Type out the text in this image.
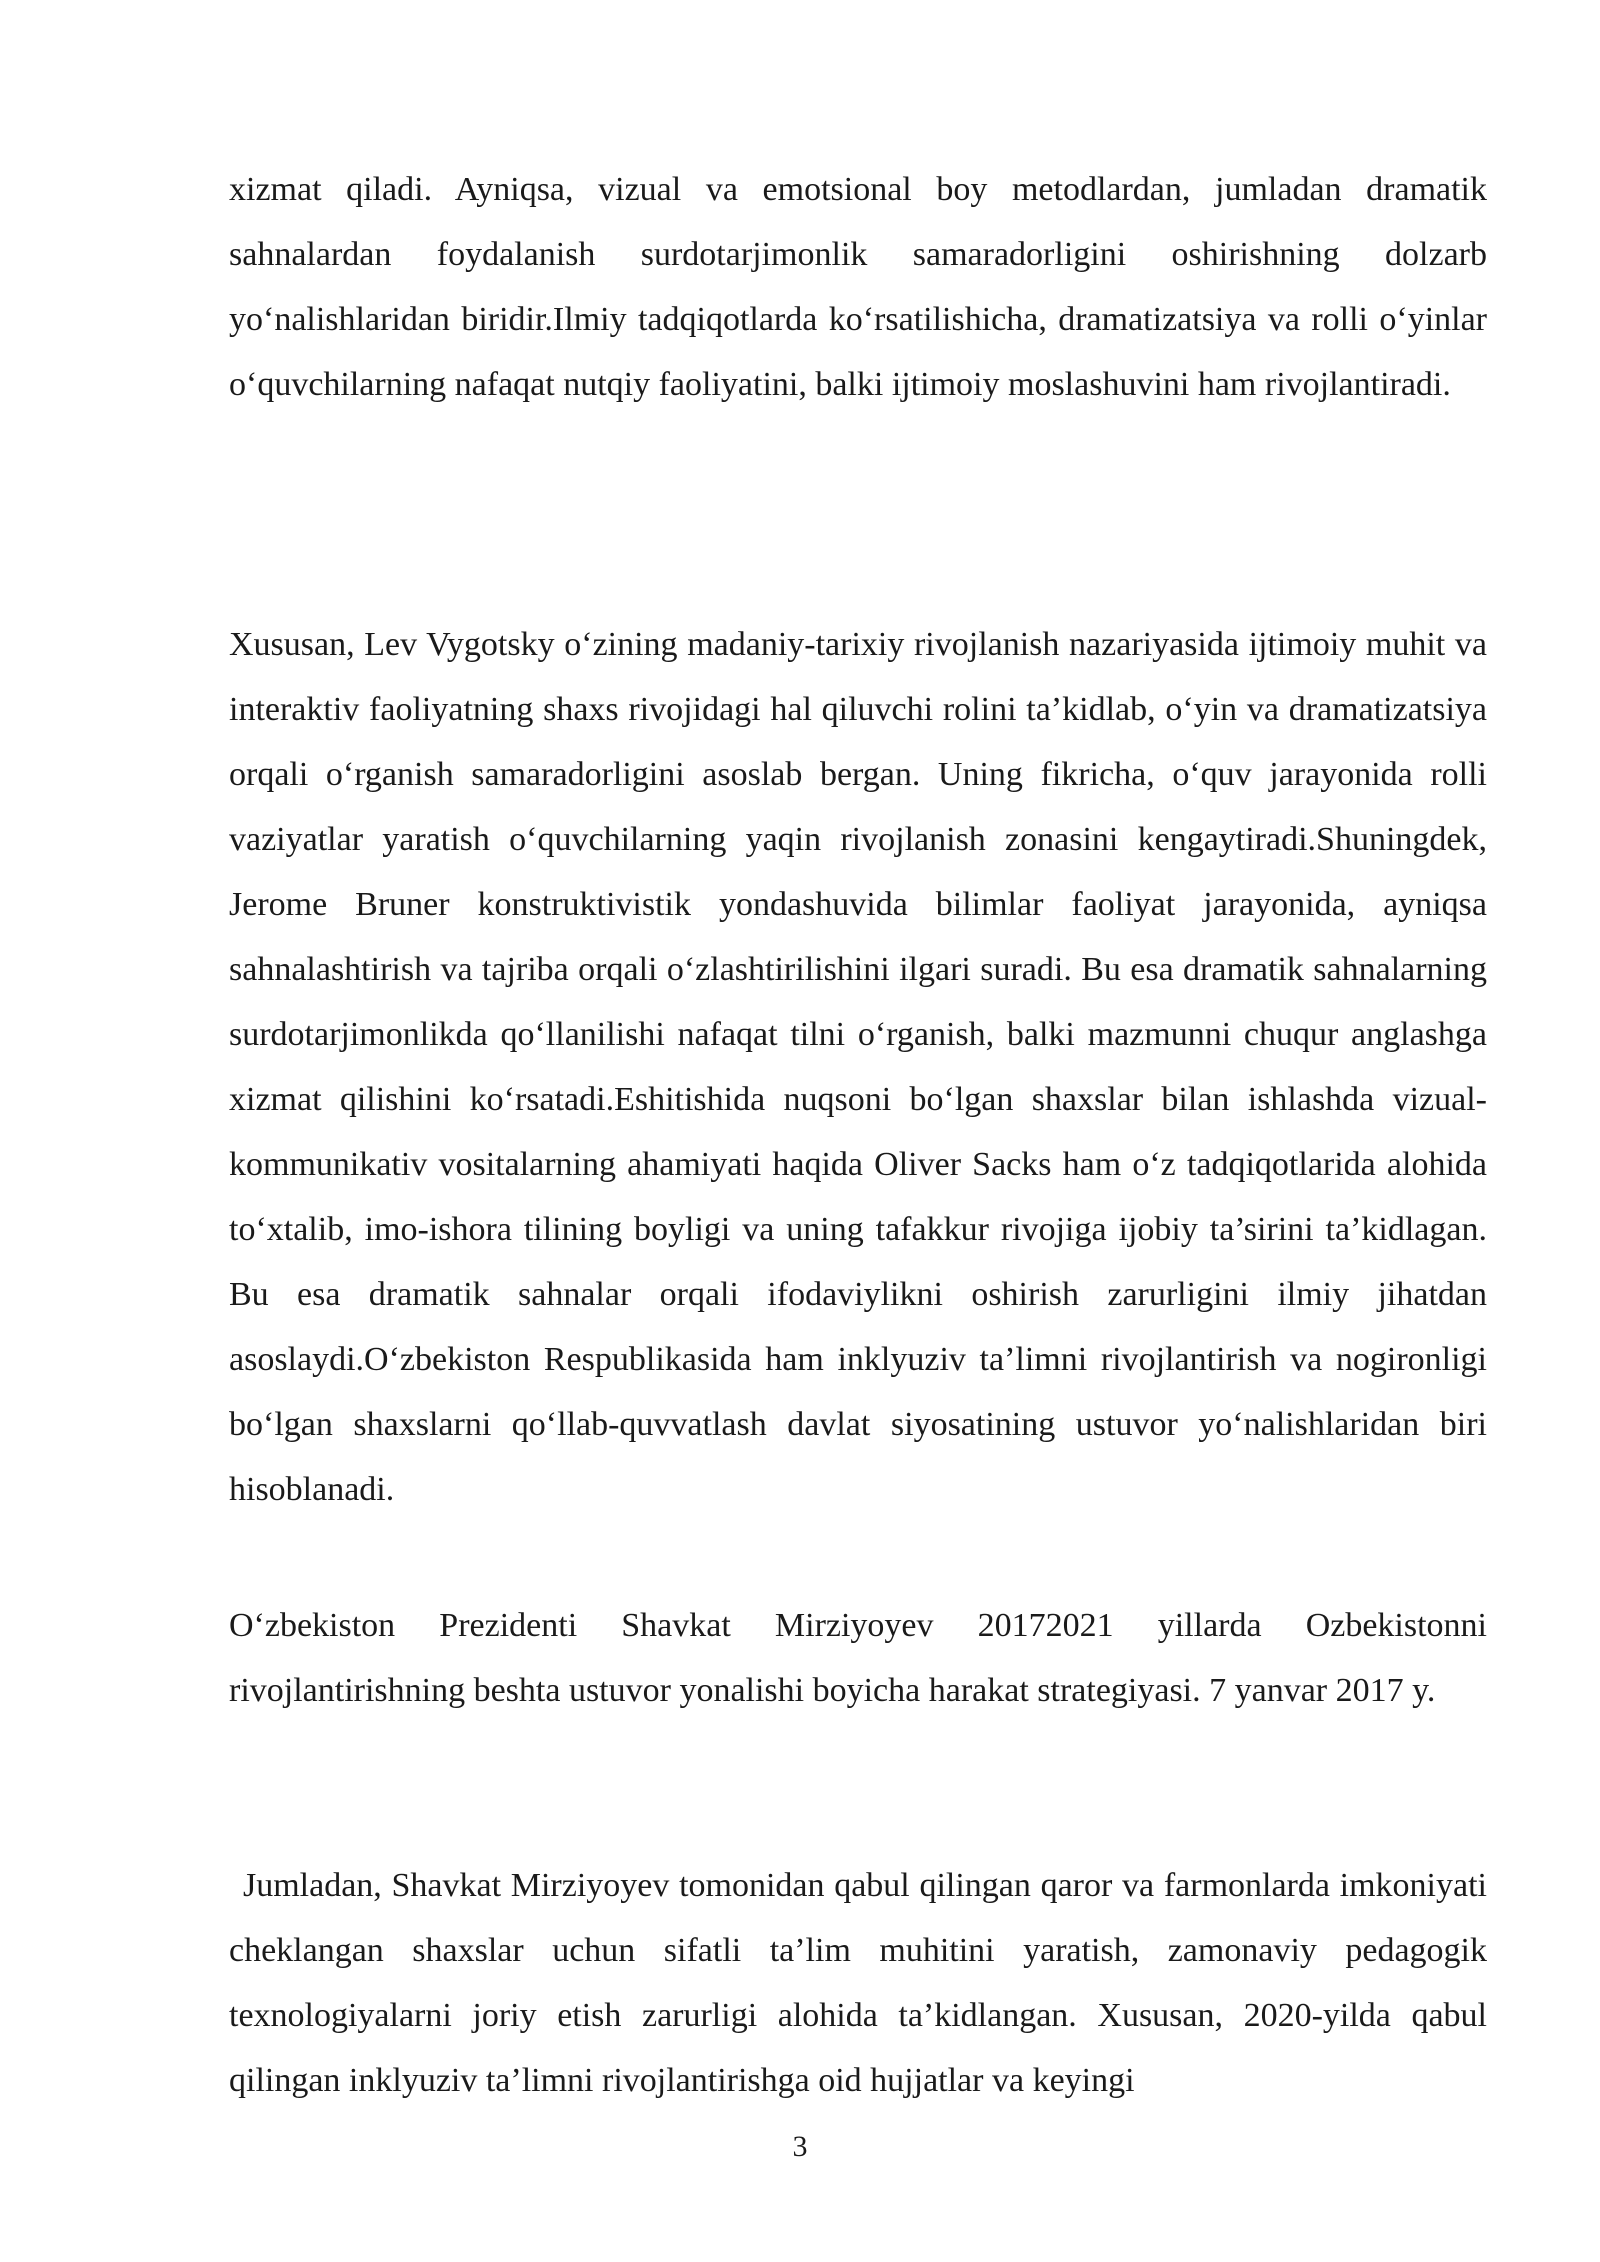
xizmat qiladi. Ayniqsa, vizual va emotsional boy metodlardan, jumladan dramatik sahnalardan foydalanish surdotarjimonlik samaradorligini oshirishning dolzarb yo‘nalishlaridan biridir.Ilmiy tadqiqotlarda ko‘rsatilishicha, dramatizatsiya va rolli o‘yinlar o‘quvchilarning nafaqat nutqiy faoliyatini, balki ijtimoiy moslashuvini ham rivojlantiradi.

Xususan, Lev Vygotsky o‘zining madaniy-tarixiy rivojlanish nazariyasida ijtimoiy muhit va interaktiv faoliyatning shaxs rivojidagi hal qiluvchi rolini ta’kidlab, o‘yin va dramatizatsiya orqali o‘rganish samaradorligini asoslab bergan. Uning fikricha, o‘quv jarayonida rolli vaziyatlar yaratish o‘quvchilarning yaqin rivojlanish zonasini kengaytiradi.Shuningdek, Jerome Bruner konstruktivistik yondashuvida bilimlar faoliyat jarayonida, ayniqsa sahnalashtirish va tajriba orqali o‘zlashtirilishini ilgari suradi. Bu esa dramatik sahnalarning surdotarjimonlikda qo‘llanilishi nafaqat tilni o‘rganish, balki mazmunni chuqur anglashga xizmat qilishini ko‘rsatadi.Eshitishida nuqsoni bo‘lgan shaxslar bilan ishlashda vizual-kommunikativ vositalarning ahamiyati haqida Oliver Sacks ham o‘z tadqiqotlarida alohida to‘xtalib, imo-ishora tilining boyligi va uning tafakkur rivojiga ijobiy ta’sirini ta’kidlagan. Bu esa dramatik sahnalar orqali ifodaviylikni oshirish zarurligini ilmiy jihatdan asoslaydi.O‘zbekiston Respublikasida ham inklyuziv ta’limni rivojlantirish va nogironligi bo‘lgan shaxslarni qo‘llab-quvvatlash davlat siyosatining ustuvor yo‘nalishlaridan biri hisoblanadi.

O‘zbekiston Prezidenti Shavkat Mirziyoyev 20172021 yillarda Ozbekistonni rivojlantirishning beshta ustuvor yonalishi boyicha harakat strategiyasi. 7 yanvar 2017 y.

Jumladan, Shavkat Mirziyoyev tomonidan qabul qilingan qaror va farmonlarda imkoniyati cheklangan shaxslar uchun sifatli ta’lim muhitini yaratish, zamonaviy pedagogik texnologiyalarni joriy etish zarurligi alohida ta’kidlangan. Xususan, 2020-yilda qabul qilingan inklyuziv ta’limni rivojlantirishga oid hujjatlar va keyingi

3
